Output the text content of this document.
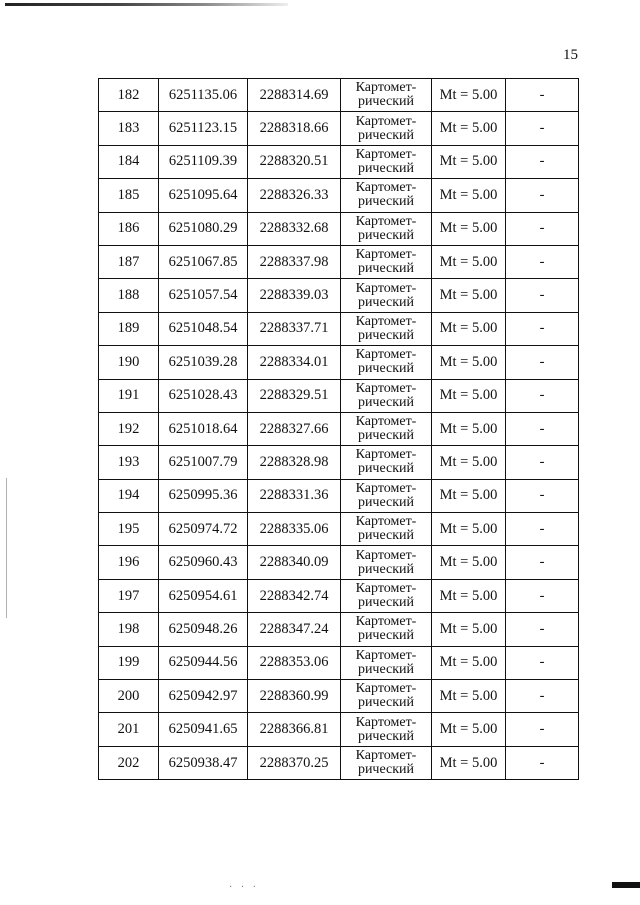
15
182	6251135.06	2288314.69	Картомет-
рический	Mt = 5.00	-
183	6251123.15	2288318.66	Картомет-
рический	Mt = 5.00	-
184	6251109.39	2288320.51	Картомет-
рический	Mt = 5.00	-
185	6251095.64	2288326.33	Картомет-
рический	Mt = 5.00	-
186	6251080.29	2288332.68	Картомет-
рический	Mt = 5.00	-
187	6251067.85	2288337.98	Картомет-
рический	Mt = 5.00	-
188	6251057.54	2288339.03	Картомет-
рический	Mt = 5.00	-
189	6251048.54	2288337.71	Картомет-
рический	Mt = 5.00	-
190	6251039.28	2288334.01	Картомет-
рический	Mt = 5.00	-
191	6251028.43	2288329.51	Картомет-
рический	Mt = 5.00	-
192	6251018.64	2288327.66	Картомет-
рический	Mt = 5.00	-
193	6251007.79	2288328.98	Картомет-
рический	Mt = 5.00	-
194	6250995.36	2288331.36	Картомет-
рический	Mt = 5.00	-
195	6250974.72	2288335.06	Картомет-
рический	Mt = 5.00	-
196	6250960.43	2288340.09	Картомет-
рический	Mt = 5.00	-
197	6250954.61	2288342.74	Картомет-
рический	Mt = 5.00	-
198	6250948.26	2288347.24	Картомет-
рический	Mt = 5.00	-
199	6250944.56	2288353.06	Картомет-
рический	Mt = 5.00	-
200	6250942.97	2288360.99	Картомет-
рический	Mt = 5.00	-
201	6250941.65	2288366.81	Картомет-
рический	Mt = 5.00	-
202	6250938.47	2288370.25	Картомет-
рический	Mt = 5.00	-
· · ·
